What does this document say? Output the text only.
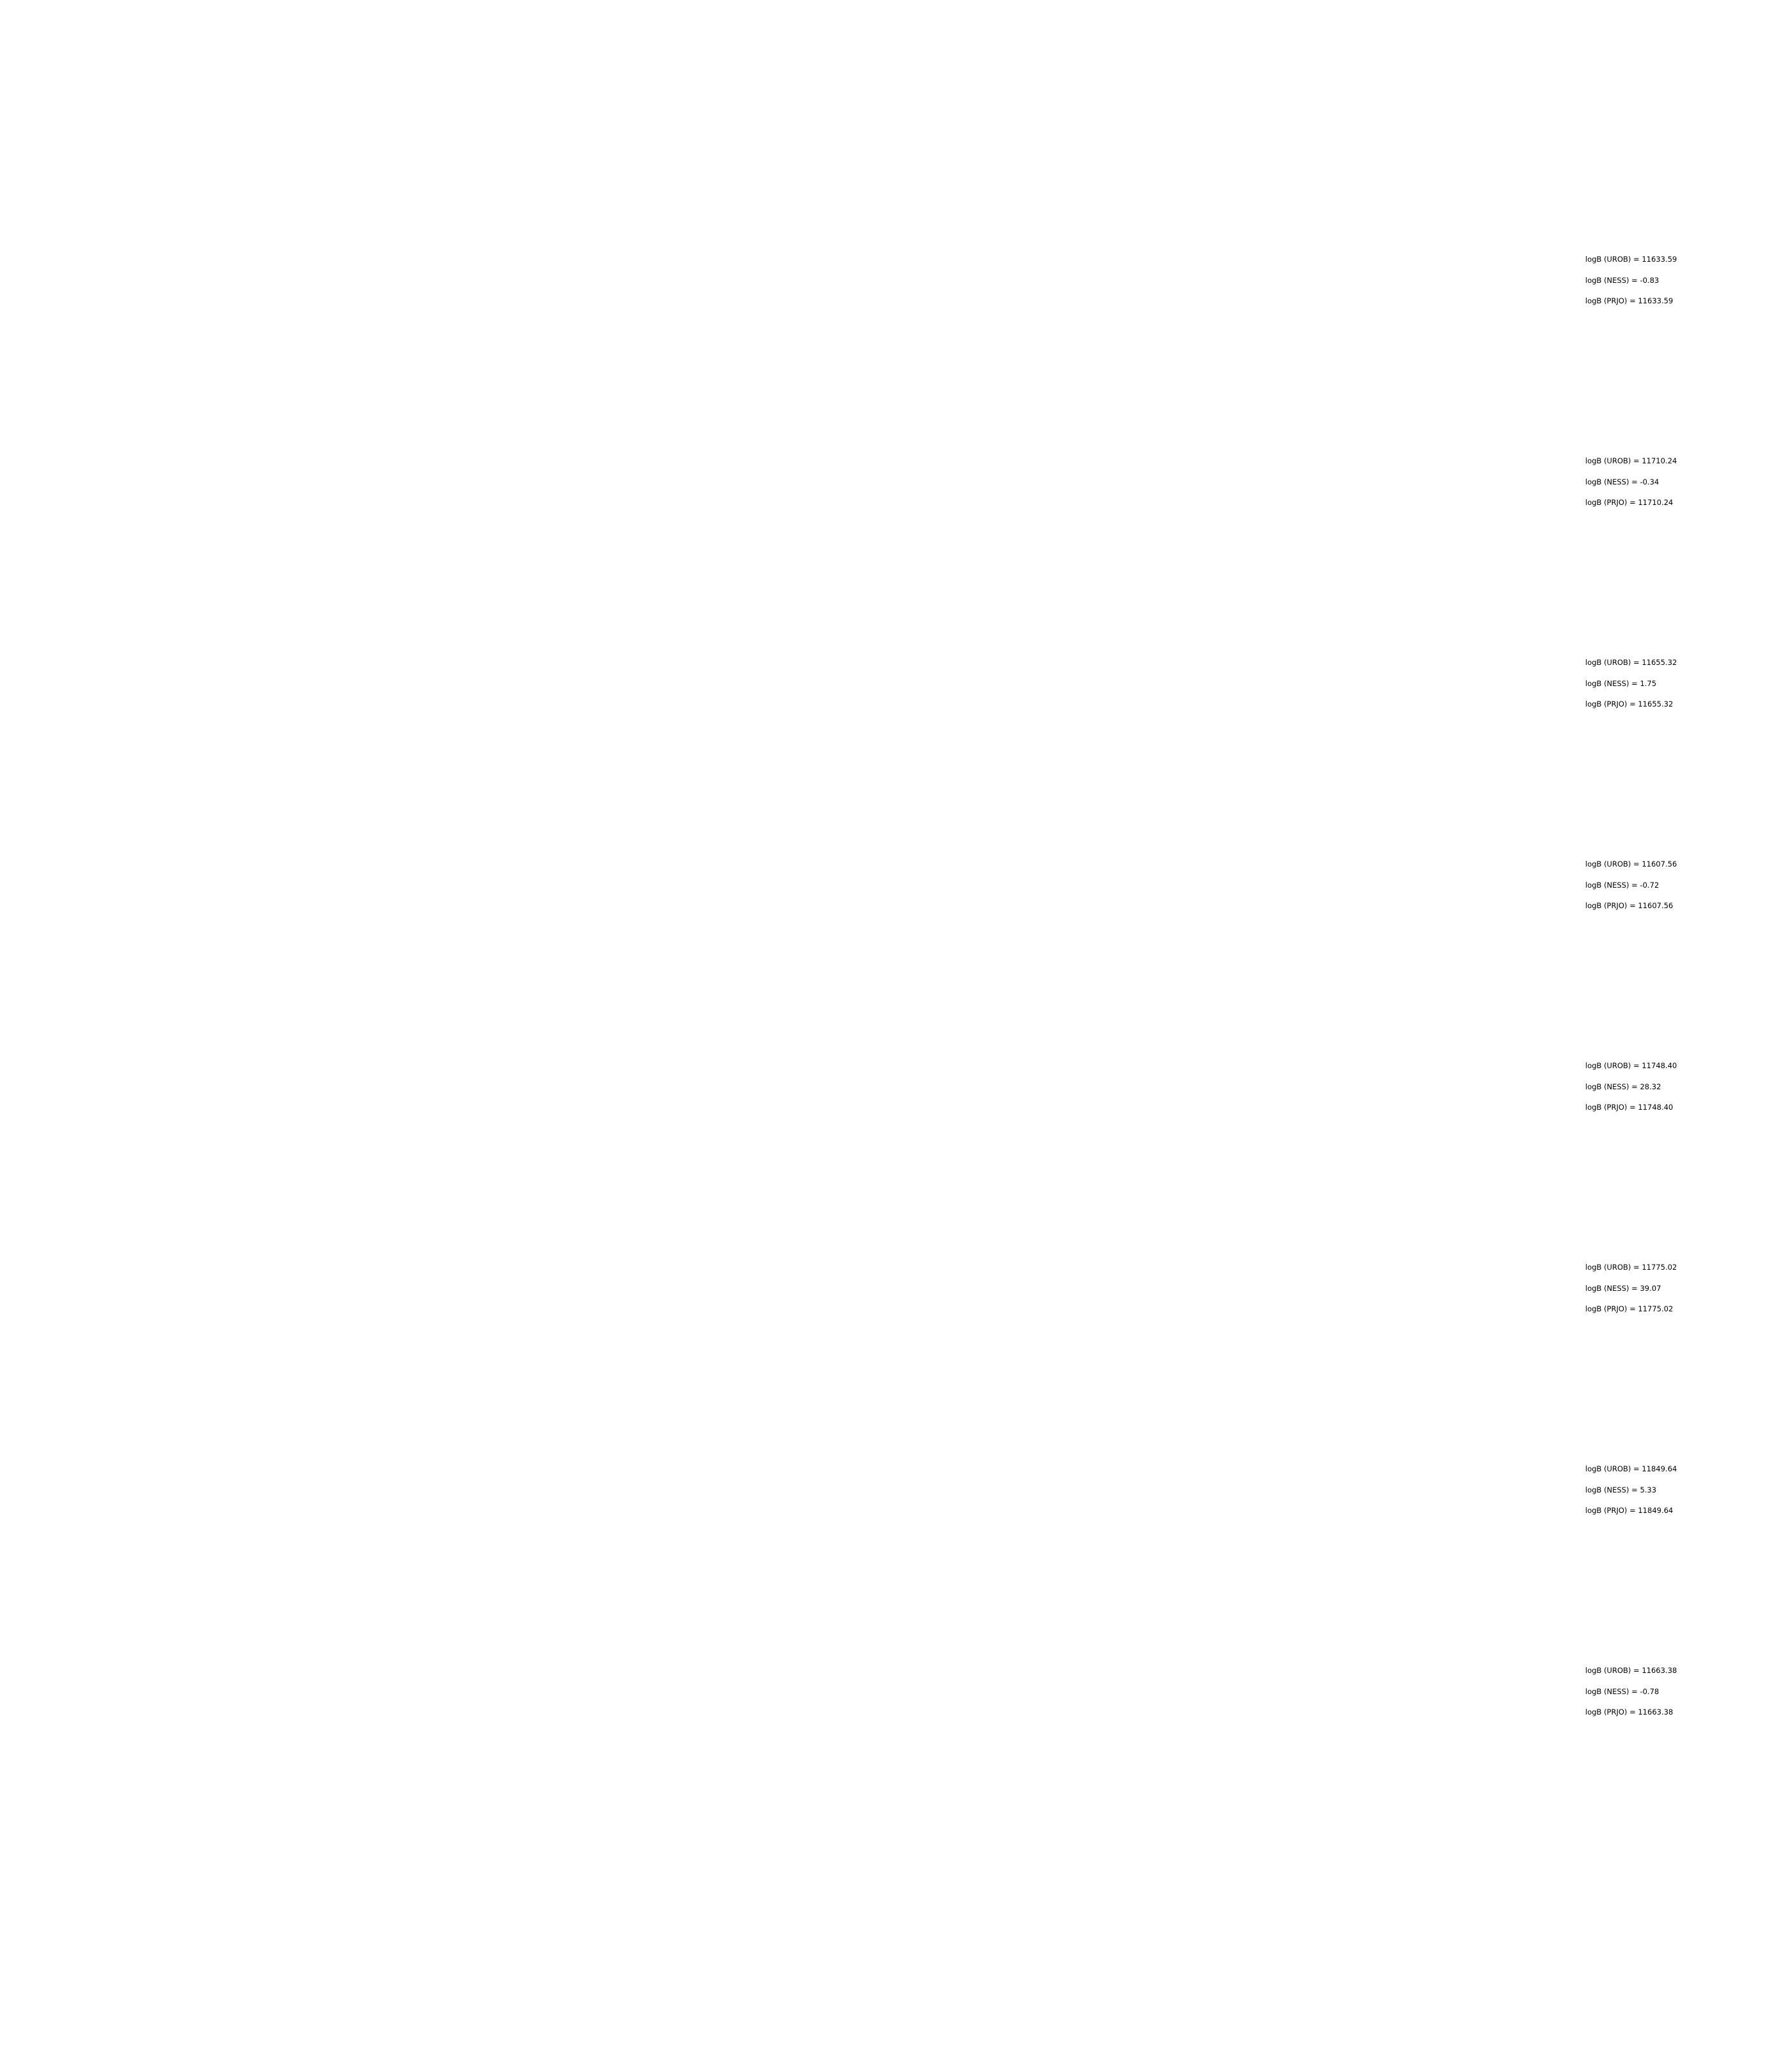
logB (UROB) = 11633.59
logB (NESS) = -0.83
logB (PRJO) = 11633.59
logB (UROB) = 11710.24
logB (NESS) = -0.34
logB (PRJO) = 11710.24
logB (UROB) = 11655.32
logB (NESS) = 1.75
logB (PRJO) = 11655.32
logB (UROB) = 11607.56
logB (NESS) = -0.72
logB (PRJO) = 11607.56
logB (UROB) = 11748.40
logB (NESS) = 28.32
logB (PRJO) = 11748.40
logB (UROB) = 11775.02
logB (NESS) = 39.07
logB (PRJO) = 11775.02
logB (UROB) = 11849.64
logB (NESS) = 5.33
logB (PRJO) = 11849.64
logB (UROB) = 11663.38
logB (NESS) = -0.78
logB (PRJO) = 11663.38
